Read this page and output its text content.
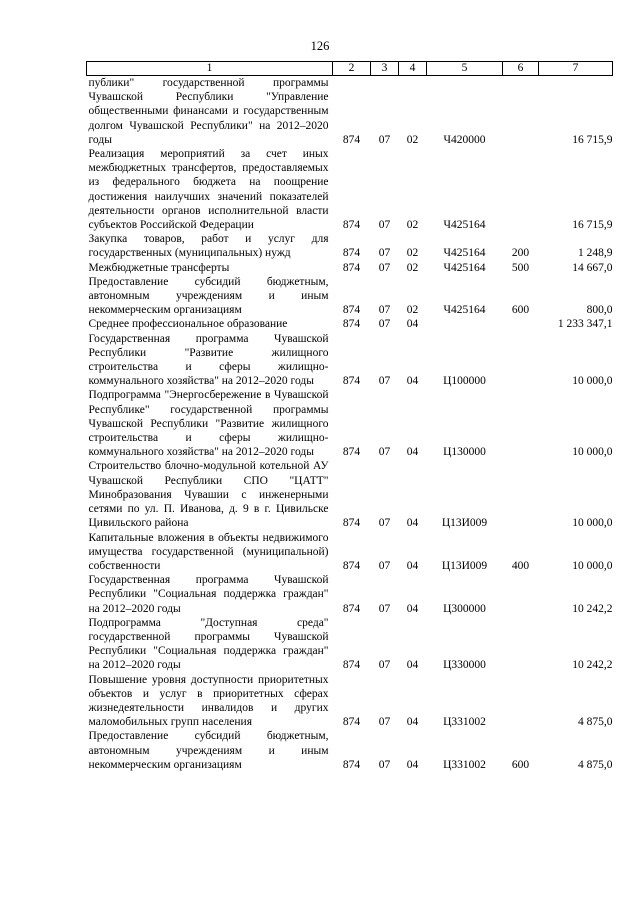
126
1	2	3	4	5	6	7
публики" государственной программы Чувашской Республики "Управление общественными финансами и государственным долгом Чувашской Республики" на 2012–2020 годы	874	07	02	Ч420000		16 715,9
Реализация мероприятий за счет иных межбюджетных трансфертов, предоставляемых из федерального бюджета на поощрение достижения наилучших значений показателей деятельности органов исполнительной власти субъектов Российской Федерации	874	07	02	Ч425164		16 715,9
Закупка товаров, работ и услуг для государственных (муниципальных) нужд	874	07	02	Ч425164	200	1 248,9
Межбюджетные трансферты	874	07	02	Ч425164	500	14 667,0
Предоставление субсидий бюджетным, автономным учреждениям и иным некоммерческим организациям	874	07	02	Ч425164	600	800,0
Среднее профессиональное образование	874	07	04			1 233 347,1
Государственная программа Чувашской Республики "Развитие жилищного строительства и сферы жилищно-коммунального хозяйства" на 2012–2020 годы	874	07	04	Ц100000		10 000,0
Подпрограмма "Энергосбережение в Чувашской Республике" государственной программы Чувашской Республики "Развитие жилищного строительства и сферы жилищно-коммунального хозяйства" на 2012–2020 годы	874	07	04	Ц130000		10 000,0
Строительство блочно-модульной котельной АУ Чувашской Республики СПО "ЦАТТ" Минобразования Чувашии с инженерными сетями по ул. П. Иванова, д. 9 в г. Цивильске Цивильского района	874	07	04	Ц13И009		10 000,0
Капитальные вложения в объекты недвижимого имущества государственной (муниципальной) собственности	874	07	04	Ц13И009	400	10 000,0
Государственная программа Чувашской Республики "Социальная поддержка граждан" на 2012–2020 годы	874	07	04	Ц300000		10 242,2
Подпрограмма "Доступная среда" государственной программы Чувашской Республики "Социальная поддержка граждан" на 2012–2020 годы	874	07	04	Ц330000		10 242,2
Повышение уровня доступности приоритетных объектов и услуг в приоритетных сферах жизнедеятельности инвалидов и других маломобильных групп населения	874	07	04	Ц331002		4 875,0
Предоставление субсидий бюджетным, автономным учреждениям и иным некоммерческим организациям	874	07	04	Ц331002	600	4 875,0
